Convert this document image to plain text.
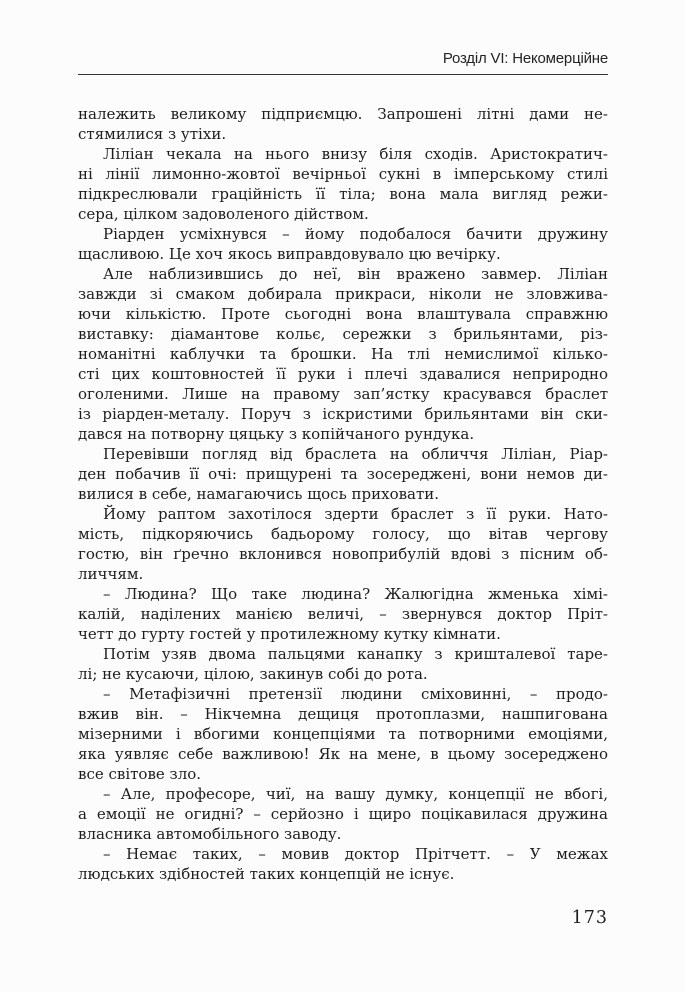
Розділ VI: Некомерційне
належить великому підприємцю. Запрошені літні дами не-
стямилися з утіхи.
Ліліан чекала на нього внизу біля сходів. Аристократич-
ні лінії лимонно-жовтої вечірньої сукні в імперському стилі
підкреслювали граційність її тіла; вона мала вигляд режи-
сера, цілком задоволеного дійством.
Ріарден усміхнувся – йому подобалося бачити дружину
щасливою. Це хоч якось виправдовувало цю вечірку.
Але наблизившись до неї, він вражено завмер. Ліліан
завжди зі смаком добирала прикраси, ніколи не зловжива-
ючи кількістю. Проте сьогодні вона влаштувала справжню
виставку: діамантове кольє, сережки з брильянтами, різ-
номанітні каблучки та брошки. На тлі немислимої кілько-
сті цих коштовностей її руки і плечі здавалися неприродно
оголеними. Лише на правому зап’ястку красувався браслет
із ріарден-металу. Поруч з іскристими брильянтами він ски-
дався на потворну цяцьку з копійчаного рундука.
Перевівши погляд від браслета на обличчя Ліліан, Ріар-
ден побачив її очі: прищурені та зосереджені, вони немов ди-
вилися в себе, намагаючись щось приховати.
Йому раптом захотілося здерти браслет з її руки. Нато-
мість, підкоряючись бадьорому голосу, що вітав чергову
гостю, він ґречно вклонився новоприбулій вдові з пісним об-
личчям.
– Людина? Що таке людина? Жалюгідна жменька хімі-
калій, наділених манією величі, – звернувся доктор Пріт-
четт до гурту гостей у протилежному кутку кімнати.
Потім узяв двома пальцями канапку з кришталевої таре-
лі; не кусаючи, цілою, закинув собі до рота.
– Метафізичні претензії людини сміховинні, – продо-
вжив він. – Нікчемна дещиця протоплазми, нашпигована
мізерними і вбогими концепціями та потворними емоціями,
яка уявляє себе важливою! Як на мене, в цьому зосереджено
все світове зло.
– Але, професоре, чиї, на вашу думку, концепції не вбогі,
а емоції не огидні? – серйозно і щиро поцікавилася дружина
власника автомобільного заводу.
– Немає таких, – мовив доктор Прітчетт. – У межах
людських здібностей таких концепцій не існує.
173
